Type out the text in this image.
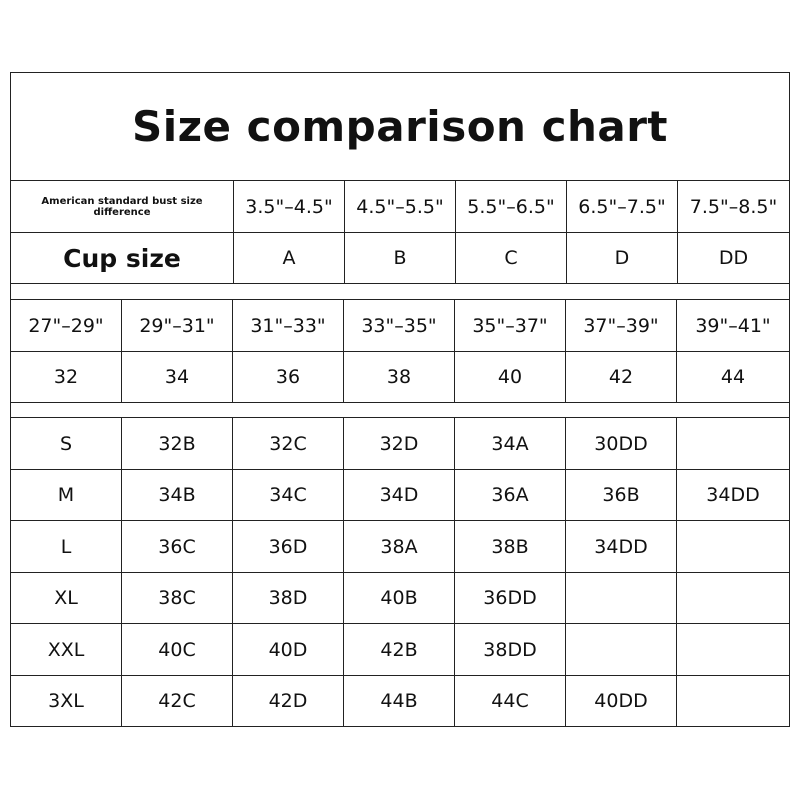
Size comparison chart
American standard bust size difference	3.5"–4.5"	4.5"–5.5"	5.5"–6.5"	6.5"–7.5"	7.5"–8.5"
Cup size	A	B	C	D	DD
27"–29"	29"–31"	31"–33"	33"–35"	35"–37"	37"–39"	39"–41"
32	34	36	38	40	42	44
S	32B	32C	32D	34A	30DD
M	34B	34C	34D	36A	36B	34DD
L	36C	36D	38A	38B	34DD
XL	38C	38D	40B	36DD
XXL	40C	40D	42B	38DD
3XL	42C	42D	44B	44C	40DD
